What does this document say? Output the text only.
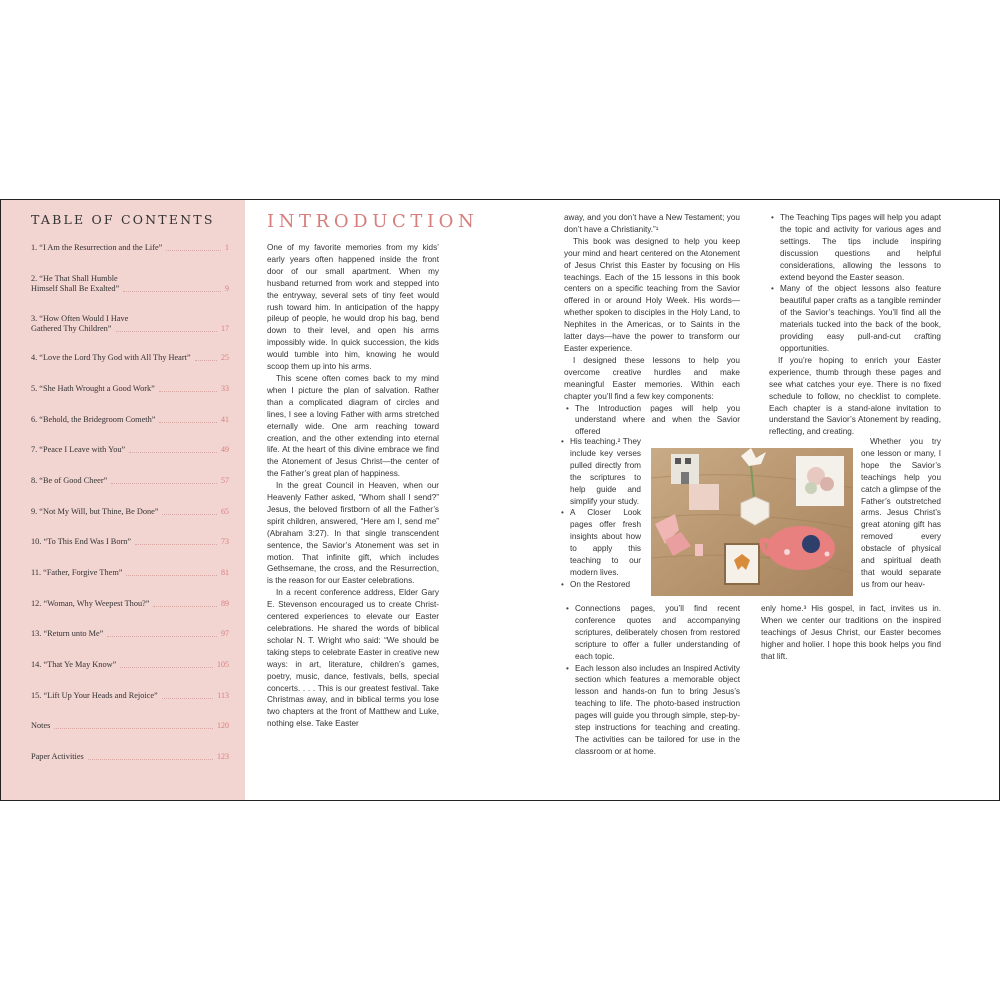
TABLE OF CONTENTS
1. “I Am the Resurrection and the Life”	1
2. “He That Shall Humble Himself Shall Be Exalted”	9
3. “How Often Would I Have Gathered Thy Children”	17
4. “Love the Lord Thy God with All Thy Heart”	25
5. “She Hath Wrought a Good Work”	33
6. “Behold, the Bridegroom Cometh”	41
7. “Peace I Leave with You”	49
8. “Be of Good Cheer”	57
9. “Not My Will, but Thine, Be Done”	65
10. “To This End Was I Born”	73
11. “Father, Forgive Them”	81
12. “Woman, Why Weepest Thou?”	89
13. “Return unto Me”	97
14. “That Ye May Know”	105
15. “Lift Up Your Heads and Rejoice”	113
Notes	120
Paper Activities	123
INTRODUCTION

One of my favorite memories from my kids’ early years often happened inside the front door of our small apartment. When my husband returned from work and stepped into the entryway, several sets of tiny feet would rush toward him. In anticipation of the happy pileup of people, he would drop his bag, bend down to their level, and open his arms impossibly wide. In quick succession, the kids would tumble into him, knowing he would scoop them up into his arms.

This scene often comes back to my mind when I picture the plan of salvation. Rather than a complicated diagram of circles and lines, I see a loving Father with arms stretched eternally wide. One arm reaching toward creation, and the other extending into eternal life. At the heart of this divine embrace we find the Atonement of Jesus Christ—the center of the Father’s great plan of happiness.

In the great Council in Heaven, when our Heavenly Father asked, “Whom shall I send?” Jesus, the beloved firstborn of all the Father’s spirit children, answered, “Here am I, send me” (Abraham 3:27). In that single transcendent sentence, the Savior’s Atonement was set in motion. That infinite gift, which includes Gethsemane, the cross, and the Resurrection, is the reason for our Easter celebrations.

In a recent conference address, Elder Gary E. Stevenson encouraged us to create Christ-centered experiences to elevate our Easter celebrations. He shared the words of biblical scholar N. T. Wright who said: “We should be taking steps to celebrate Easter in creative new ways: in art, literature, children’s games, poetry, music, dance, festivals, bells, special concerts. . . . This is our greatest festival. Take Christmas away, and in biblical terms you lose two chapters at the front of Matthew and Luke, nothing else. Take Easter

away, and you don’t have a New Testament; you don’t have a Christianity.”¹

This book was designed to help you keep your mind and heart centered on the Atonement of Jesus Christ this Easter by focusing on His teachings. Each of the 15 lessons in this book centers on a specific teaching from the Savior offered in or around Holy Week. His words—whether spoken to disciples in the Holy Land, to Nephites in the Americas, or to Saints in the latter days—have the power to transform our Easter experience.

I designed these lessons to help you overcome creative hurdles and make meaningful Easter memories. Within each chapter you’ll find a few key components:

• The Introduction pages will help you understand where and when the Savior offered
• His teaching.² They include key verses pulled directly from the scriptures to help guide and simplify your study.
• A Closer Look pages offer fresh insights about how to apply this teaching to our modern lives.
• On the Restored
• Connections pages, you’ll find recent conference quotes and accompanying scriptures, deliberately chosen from restored scripture to offer a fuller understanding of each topic.
• Each lesson also includes an Inspired Activity section which features a memorable object lesson and hands-on fun to bring Jesus’s teaching to life. The photo-based instruction pages will guide you through simple, step-by-step instructions for teaching and creating. The activities can be tailored for use in the classroom or at home.
• The Teaching Tips pages will help you adapt the topic and activity for various ages and settings. The tips include inspiring discussion questions and helpful considerations, allowing the lessons to extend beyond the Easter season.
• Many of the object lessons also feature beautiful paper crafts as a tangible reminder of the Savior’s teachings. You’ll find all the materials tucked into the back of the book, providing easy pull-and-cut crafting opportunities.

If you’re hoping to enrich your Easter experience, thumb through these pages and see what catches your eye. There is no fixed schedule to follow, no checklist to complete. Each chapter is a stand-alone invitation to understand the Savior’s Atonement by reading, reflecting, and creating.

Whether you try one lesson or many, I hope the Savior’s teachings help you catch a glimpse of the Father’s outstretched arms. Jesus Christ’s great atoning gift has removed every obstacle of physical and spiritual death that would separate us from our heav-

enly home.³ His gospel, in fact, invites us in. When we center our traditions on the inspired teachings of Jesus Christ, our Easter becomes higher and holier. I hope this book helps you find that lift.
